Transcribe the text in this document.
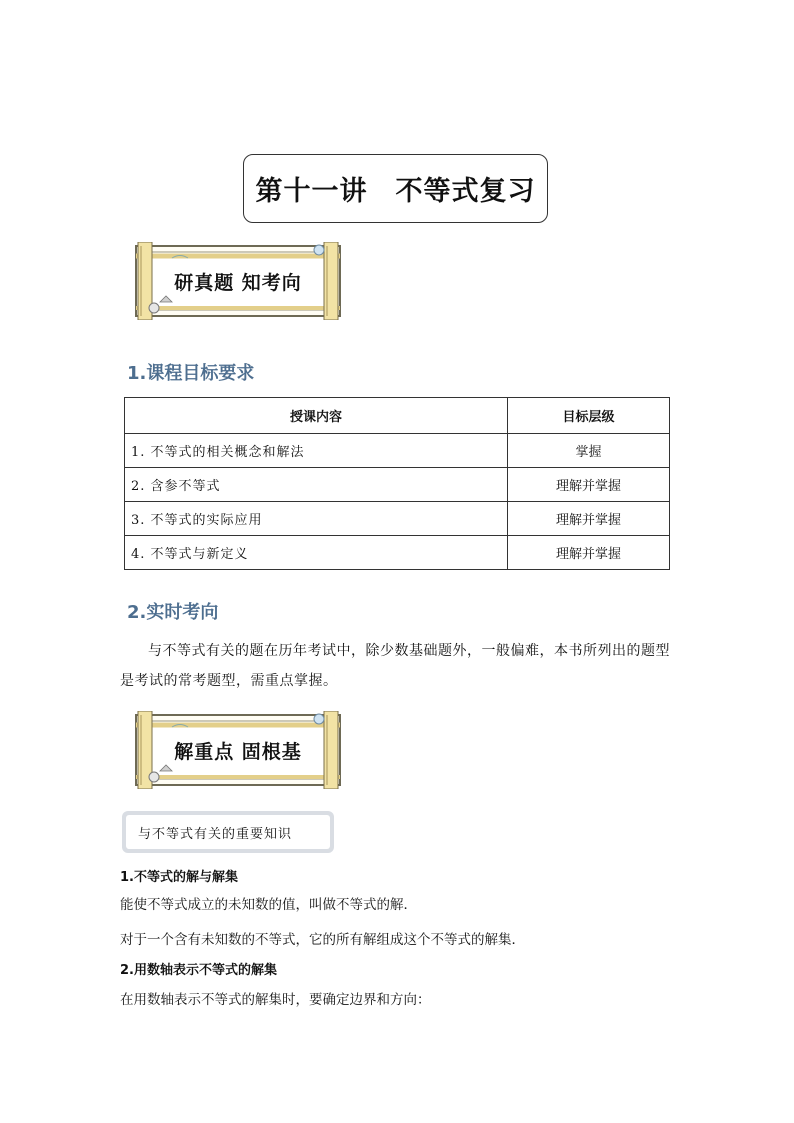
第十一讲　不等式复习
研真题 知考向
1.课程目标要求
授课内容	目标层级
1. 不等式的相关概念和解法	掌握
2. 含参不等式	理解并掌握
3. 不等式的实际应用	理解并掌握
4. 不等式与新定义	理解并掌握
2.实时考向
与不等式有关的题在历年考试中，除少数基础题外，一般偏难，本书所列出的题型是考试的常考题型，需重点掌握。
解重点 固根基
与不等式有关的重要知识
1.不等式的解与解集
能使不等式成立的未知数的值，叫做不等式的解．
对于一个含有未知数的不等式，它的所有解组成这个不等式的解集．
2.用数轴表示不等式的解集
在用数轴表示不等式的解集时，要确定边界和方向：
